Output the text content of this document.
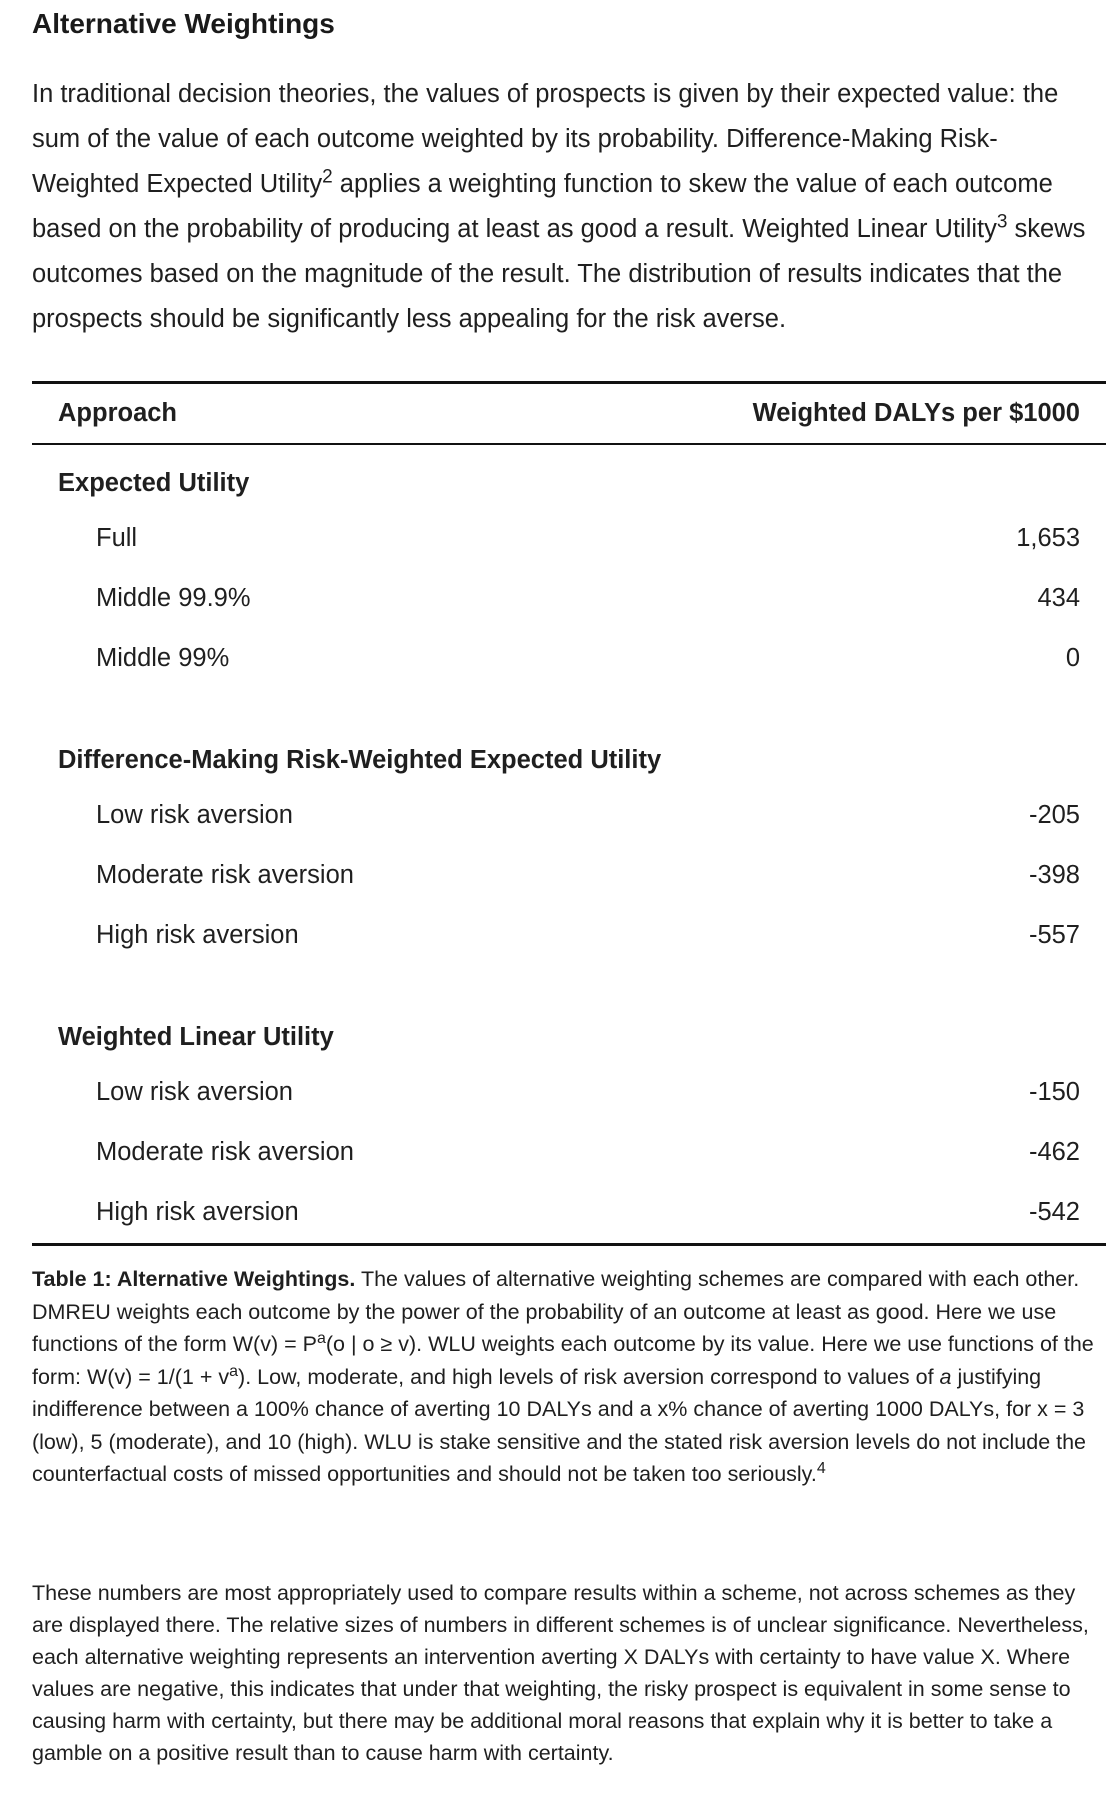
Alternative Weightings

In traditional decision theories, the values of prospects is given by their expected value: the sum of the value of each outcome weighted by its probability. Difference-Making Risk-Weighted Expected Utility$^2$ applies a weighting function to skew the value of each outcome based on the probability of producing at least as good a result. Weighted Linear Utility$^3$ skews outcomes based on the magnitude of the result. The distribution of results indicates that the prospects should be significantly less appealing for the risk averse.

Approach	Weighted DALYs per $1000
Expected Utility	
Full	1,653
Middle 99.9%	434
Middle 99%	0

Difference-Making Risk-Weighted Expected Utility	
Low risk aversion	-205
Moderate risk aversion	-398
High risk aversion	-557

Weighted Linear Utility	
Low risk aversion	-150
Moderate risk aversion	-462
High risk aversion	-542

Table 1: Alternative Weightings. The values of alternative weighting schemes are compared with each other. DMREU weights each outcome by the power of the probability of an outcome at least as good. Here we use functions of the form $W(v) = P^a(o$ | o ≥ v). WLU weights each outcome by its value. Here we use functions of the form: $W(v) = 1/(1 + v^a)$. Low, moderate, and high levels of risk aversion correspond to values of a justifying indifference between a 100% chance of averting 10 DALYs and a x% chance of averting 1000 DALYs, for x = 3 (low), 5 (moderate), and 10 (high). WLU is stake sensitive and the stated risk aversion levels do not include the counterfactual costs of missed opportunities and should not be taken too seriously.$^4$

These numbers are most appropriately used to compare results within a scheme, not across schemes as they are displayed there. The relative sizes of numbers in different schemes is of unclear significance. Nevertheless, each alternative weighting represents an intervention averting X DALYs with certainty to have value X. Where values are negative, this indicates that under that weighting, the risky prospect is equivalent in some sense to causing harm with certainty, but there may be additional moral reasons that explain why it is better to take a gamble on a positive result than to cause harm with certainty.
